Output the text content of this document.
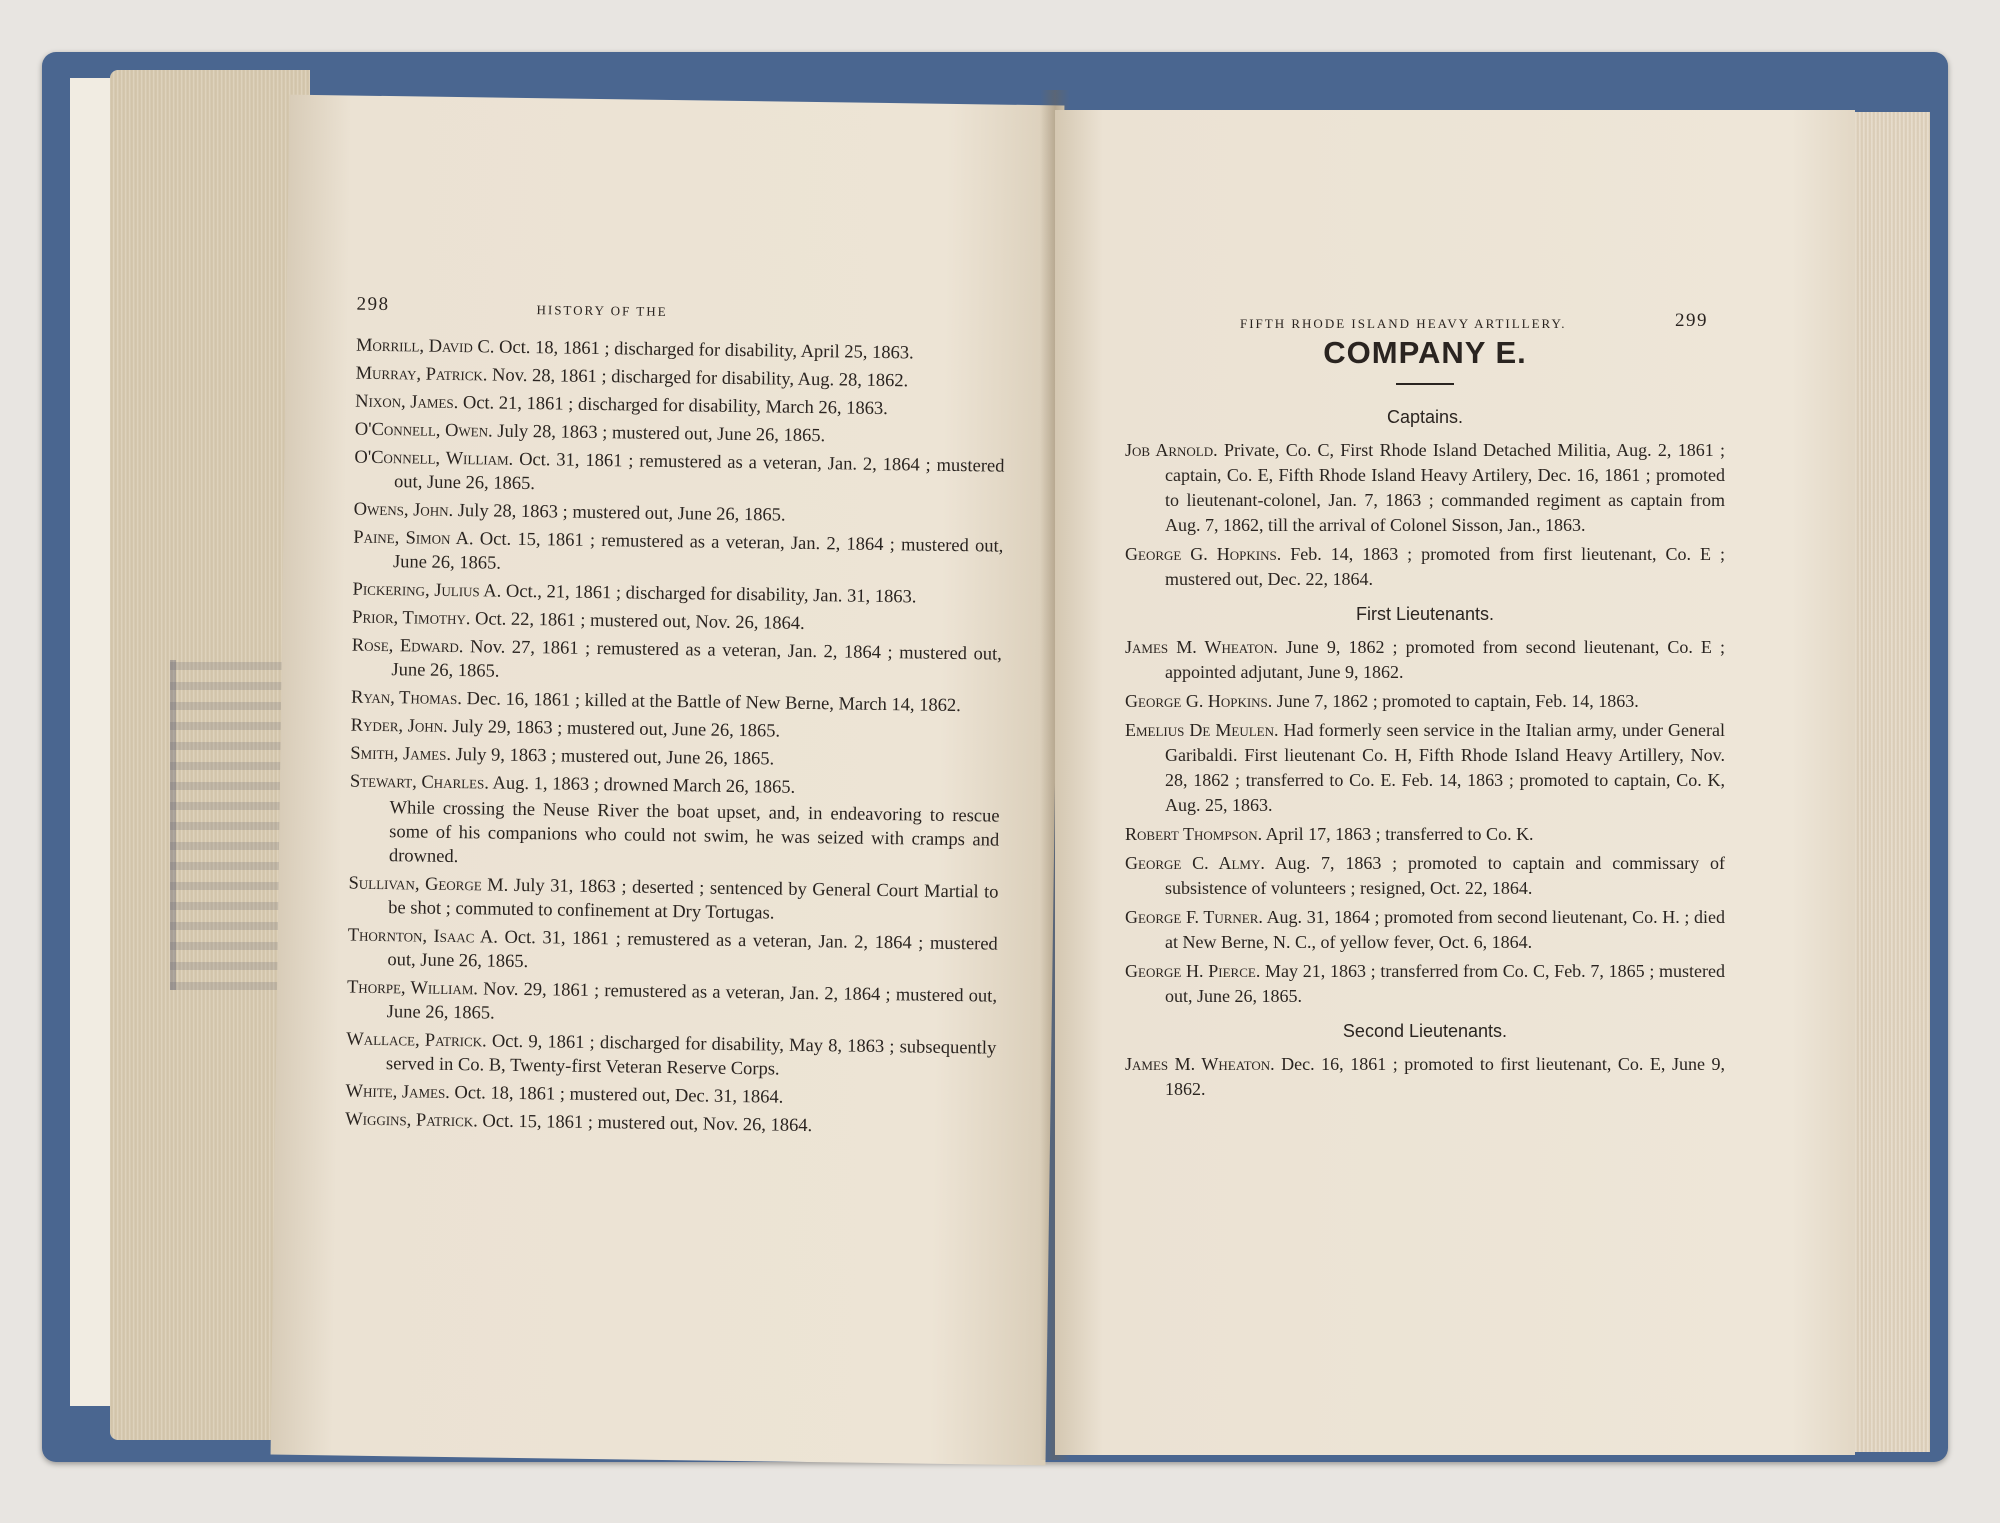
298	HISTORY OF THE

Morrill, David C. Oct. 18, 1861 ; discharged for disability, April 25, 1863.

Murray, Patrick. Nov. 28, 1861 ; discharged for disability, Aug. 28, 1862.

Nixon, James. Oct. 21, 1861 ; discharged for disability, March 26, 1863.

O'Connell, Owen. July 28, 1863 ; mustered out, June 26, 1865.

O'Connell, William. Oct. 31, 1861 ; remustered as a veteran, Jan. 2, 1864 ; mustered out, June 26, 1865.

Owens, John. July 28, 1863 ; mustered out, June 26, 1865.

Paine, Simon A. Oct. 15, 1861 ; remustered as a veteran, Jan. 2, 1864 ; mustered out, June 26, 1865.

Pickering, Julius A. Oct., 21, 1861 ; discharged for disability, Jan. 31, 1863.

Prior, Timothy. Oct. 22, 1861 ; mustered out, Nov. 26, 1864.

Rose, Edward. Nov. 27, 1861 ; remustered as a veteran, Jan. 2, 1864 ; mustered out, June 26, 1865.

Ryan, Thomas. Dec. 16, 1861 ; killed at the Battle of New Berne, March 14, 1862.

Ryder, John. July 29, 1863 ; mustered out, June 26, 1865.

Smith, James. July 9, 1863 ; mustered out, June 26, 1865.

Stewart, Charles. Aug. 1, 1863 ; drowned March 26, 1865.

While crossing the Neuse River the boat upset, and, in endeavoring to rescue some of his companions who could not swim, he was seized with cramps and drowned.

Sullivan, George M. July 31, 1863 ; deserted ; sentenced by General Court Martial to be shot ; commuted to confinement at Dry Tortugas.

Thornton, Isaac A. Oct. 31, 1861 ; remustered as a veteran, Jan. 2, 1864 ; mustered out, June 26, 1865.

Thorpe, William. Nov. 29, 1861 ; remustered as a veteran, Jan. 2, 1864 ; mustered out, June 26, 1865.

Wallace, Patrick. Oct. 9, 1861 ; discharged for disability, May 8, 1863 ; subsequently served in Co. B, Twenty-first Veteran Reserve Corps.

White, James. Oct. 18, 1861 ; mustered out, Dec. 31, 1864.

Wiggins, Patrick. Oct. 15, 1861 ; mustered out, Nov. 26, 1864.

FIFTH RHODE ISLAND HEAVY ARTILLERY.	299
COMPANY E.
Captains.

Job Arnold. Private, Co. C, First Rhode Island Detached Militia, Aug. 2, 1861 ; captain, Co. E, Fifth Rhode Island Heavy Artilery, Dec. 16, 1861 ; promoted to lieutenant-colonel, Jan. 7, 1863 ; commanded regiment as captain from Aug. 7, 1862, till the arrival of Colonel Sisson, Jan., 1863.

George G. Hopkins. Feb. 14, 1863 ; promoted from first lieutenant, Co. E ; mustered out, Dec. 22, 1864.

First Lieutenants.

James M. Wheaton. June 9, 1862 ; promoted from second lieutenant, Co. E ; appointed adjutant, June 9, 1862.

George G. Hopkins. June 7, 1862 ; promoted to captain, Feb. 14, 1863.

Emelius De Meulen. Had formerly seen service in the Italian army, under General Garibaldi. First lieutenant Co. H, Fifth Rhode Island Heavy Artillery, Nov. 28, 1862 ; transferred to Co. E. Feb. 14, 1863 ; promoted to captain, Co. K, Aug. 25, 1863.

Robert Thompson. April 17, 1863 ; transferred to Co. K.

George C. Almy. Aug. 7, 1863 ; promoted to captain and commissary of subsistence of volunteers ; resigned, Oct. 22, 1864.

George F. Turner. Aug. 31, 1864 ; promoted from second lieutenant, Co. H. ; died at New Berne, N. C., of yellow fever, Oct. 6, 1864.

George H. Pierce. May 21, 1863 ; transferred from Co. C, Feb. 7, 1865 ; mustered out, June 26, 1865.

Second Lieutenants.

James M. Wheaton. Dec. 16, 1861 ; promoted to first lieutenant, Co. E, June 9, 1862.
